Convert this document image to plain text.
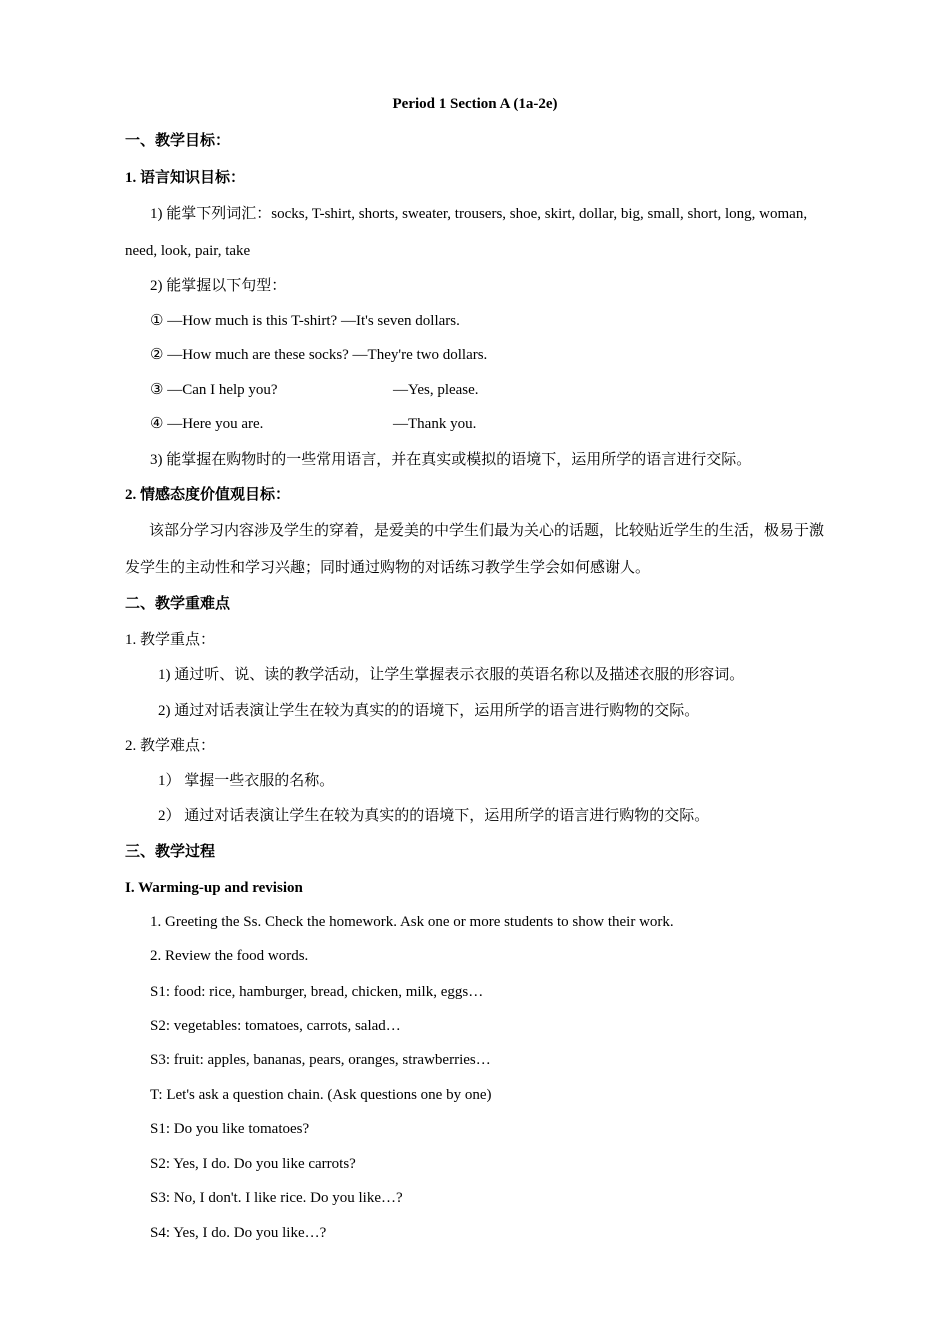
Period 1 Section A (1a-2e)
一、教学目标：
1. 语言知识目标：
1) 能掌下列词汇：socks, T-shirt, shorts, sweater, trousers, shoe, skirt, dollar, big, small, short, long, woman, need, look, pair, take
2) 能掌握以下句型：
① —How much is this T-shirt? —It's seven dollars.
② —How much are these socks? —They're two dollars.
③ —Can I help you?	—Yes, please.
④ —Here you are.	—Thank you.
3) 能掌握在购物时的一些常用语言，并在真实或模拟的语境下，运用所学的语言进行交际。
2. 情感态度价值观目标：
　该部分学习内容涉及学生的穿着，是爱美的中学生们最为关心的话题，比较贴近学生的生活，极易于激发学生的主动性和学习兴趣；同时通过购物的对话练习教学生学会如何感谢人。
二、教学重难点
1. 教学重点：
1) 通过听、说、读的教学活动，让学生掌握表示衣服的英语名称以及描述衣服的形容词。
2) 通过对话表演让学生在较为真实的的语境下，运用所学的语言进行购物的交际。
2. 教学难点：
1） 掌握一些衣服的名称。
2） 通过对话表演让学生在较为真实的的语境下，运用所学的语言进行购物的交际。
三、教学过程
I. Warming-up and revision
1. Greeting the Ss. Check the homework. Ask one or more students to show their work.
2. Review the food words.
S1: food: rice, hamburger, bread, chicken, milk, eggs…
S2: vegetables: tomatoes, carrots, salad…
S3: fruit: apples, bananas, pears, oranges, strawberries…
T: Let's ask a question chain. (Ask questions one by one)
S1: Do you like tomatoes?
S2: Yes, I do. Do you like carrots?
S3: No, I don't. I like rice. Do you like…?
S4: Yes, I do. Do you like…?
